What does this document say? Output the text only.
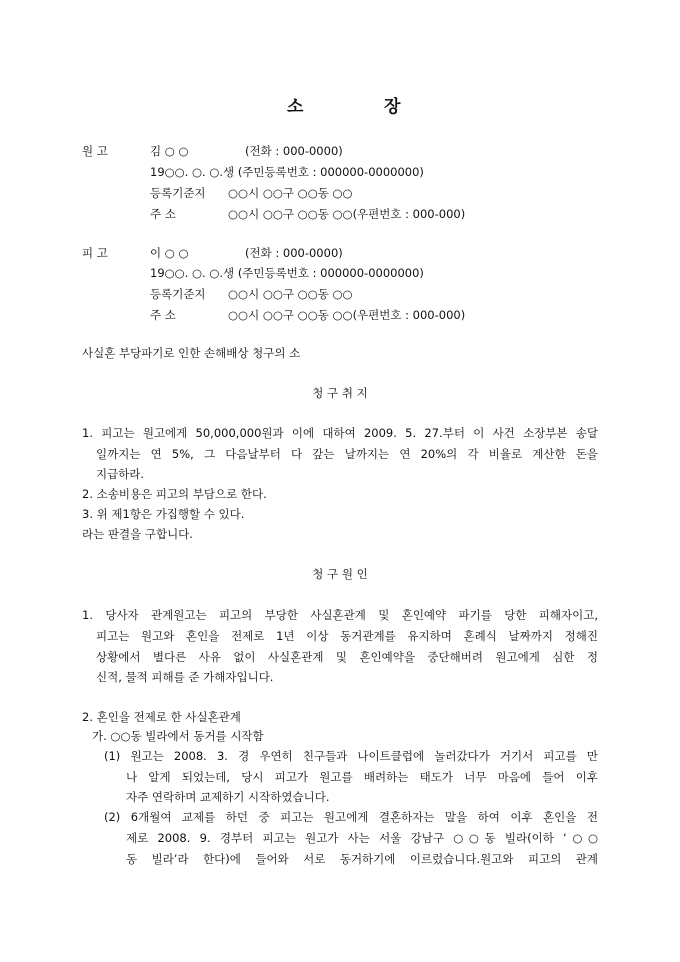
소	장
원 고	김 ○ ○	(전화 : 000-0000)
19○○. ○. ○.생 (주민등록번호 : 000000-0000000)
등록기준지 ○○시 ○○구 ○○동 ○○
주 소	○○시 ○○구 ○○동 ○○(우편번호 : 000-000)
피 고	이 ○ ○	(전화 : 000-0000)
19○○. ○. ○.생 (주민등록번호 : 000000-0000000)
등록기준지 ○○시 ○○구 ○○동 ○○
주 소	○○시 ○○구 ○○동 ○○(우편번호 : 000-000)
사실혼 부당파기로 인한 손해배상 청구의 소
청 구 취 지
1. 피고는 원고에게 50,000,000원과 이에 대하여 2009. 5. 27.부터 이 사건 소장부본 송달
일까지는 연 5%, 그 다음날부터 다 갚는 날까지는 연 20%의 각 비율로 계산한 돈을
지급하라.
2. 소송비용은 피고의 부담으로 한다.
3. 위 제1항은 가집행할 수 있다.
라는 판결을 구합니다.
청 구 원 인
1. 당사자 관계원고는 피고의 부당한 사실혼관계 및 혼인예약 파기를 당한 피해자이고,
피고는 원고와 혼인을 전제로 1년 이상 동거관계를 유지하며 혼례식 날짜까지 정해진
상황에서 별다른 사유 없이 사실혼관계 및 혼인예약을 중단해버려 원고에게 심한 정
신적, 물적 피해를 준 가해자입니다.
2. 혼인을 전제로 한 사실혼관계
가. ○○동 빌라에서 동거를 시작함
(1) 원고는 2008. 3. 경 우연히 친구들과 나이트클럽에 놀러갔다가 거기서 피고를 만
나 알게 되었는데, 당시 피고가 원고를 배려하는 태도가 너무 마음에 들어 이후
자주 연락하며 교제하기 시작하였습니다.
(2) 6개월여 교제를 하던 중 피고는 원고에게 결혼하자는 말을 하여 이후 혼인을 전
제로 2008. 9. 경부터 피고는 원고가 사는 서울 강남구 ○○동 빌라(이하 ‘○○
동 빌라’라 한다)에 들어와 서로 동거하기에 이르렀습니다.원고와 피고의 관계
